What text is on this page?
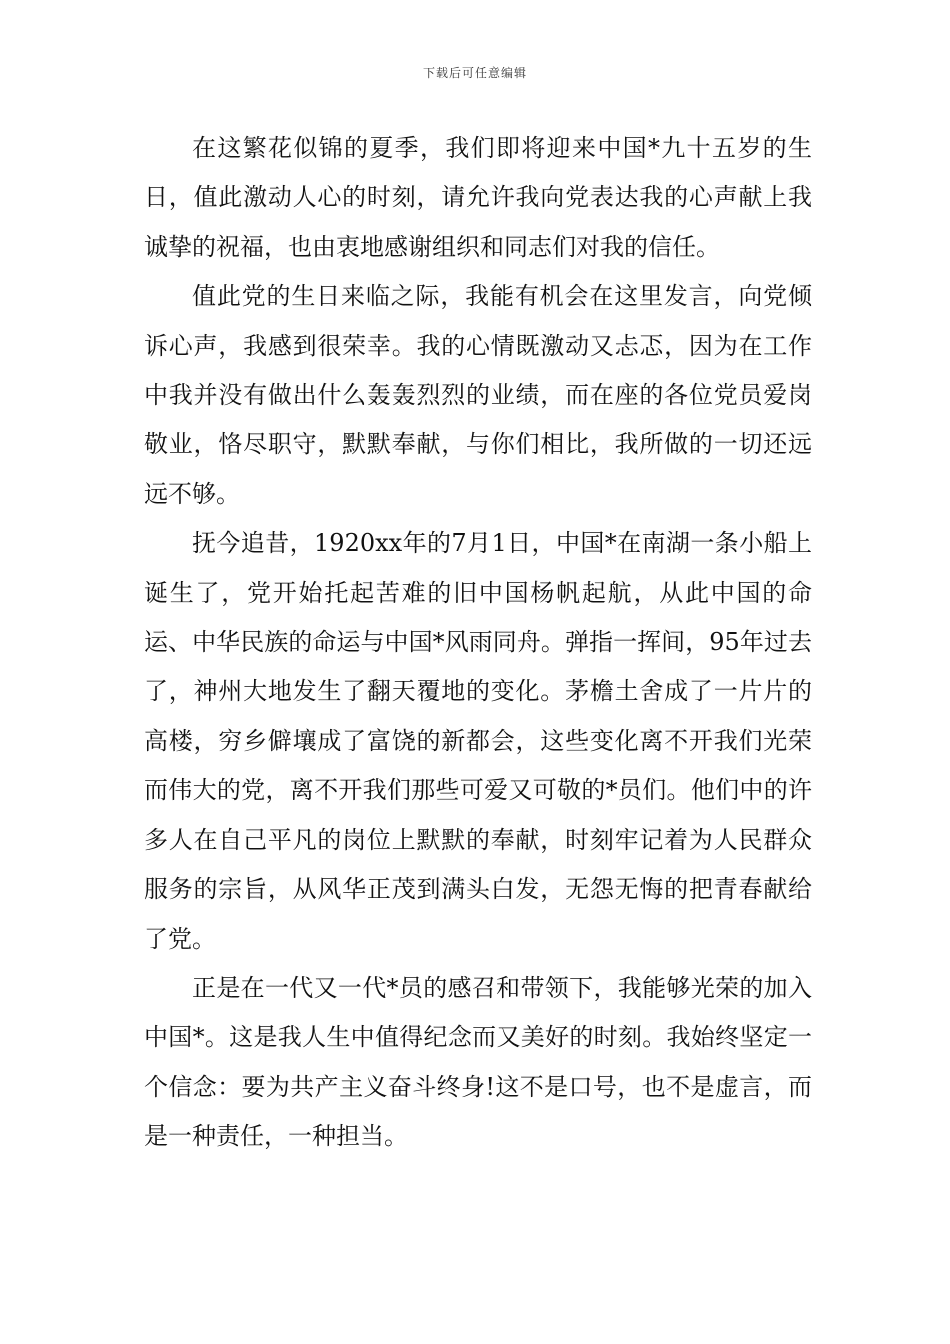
下载后可任意编辑

在这繁花似锦的夏季，我们即将迎来中国*九十五岁的生日，值此激动人心的时刻，请允许我向党表达我的心声献上我诚挚的祝福，也由衷地感谢组织和同志们对我的信任。

值此党的生日来临之际，我能有机会在这里发言，向党倾诉心声，我感到很荣幸。我的心情既激动又忐忑，因为在工作中我并没有做出什么轰轰烈烈的业绩，而在座的各位党员爱岗敬业，恪尽职守，默默奉献，与你们相比，我所做的一切还远远不够。

抚今追昔，1920xx年的7月1日，中国*在南湖一条小船上诞生了，党开始托起苦难的旧中国杨帆起航，从此中国的命运、中华民族的命运与中国*风雨同舟。弹指一挥间，95年过去了，神州大地发生了翻天覆地的变化。茅檐土舍成了一片片的高楼，穷乡僻壤成了富饶的新都会，这些变化离不开我们光荣而伟大的党，离不开我们那些可爱又可敬的*员们。他们中的许多人在自己平凡的岗位上默默的奉献，时刻牢记着为人民群众服务的宗旨，从风华正茂到满头白发，无怨无悔的把青春献给了党。

正是在一代又一代*员的感召和带领下，我能够光荣的加入中国*。这是我人生中值得纪念而又美好的时刻。我始终坚定一个信念：要为共产主义奋斗终身!这不是口号，也不是虚言，而是一种责任，一种担当。
